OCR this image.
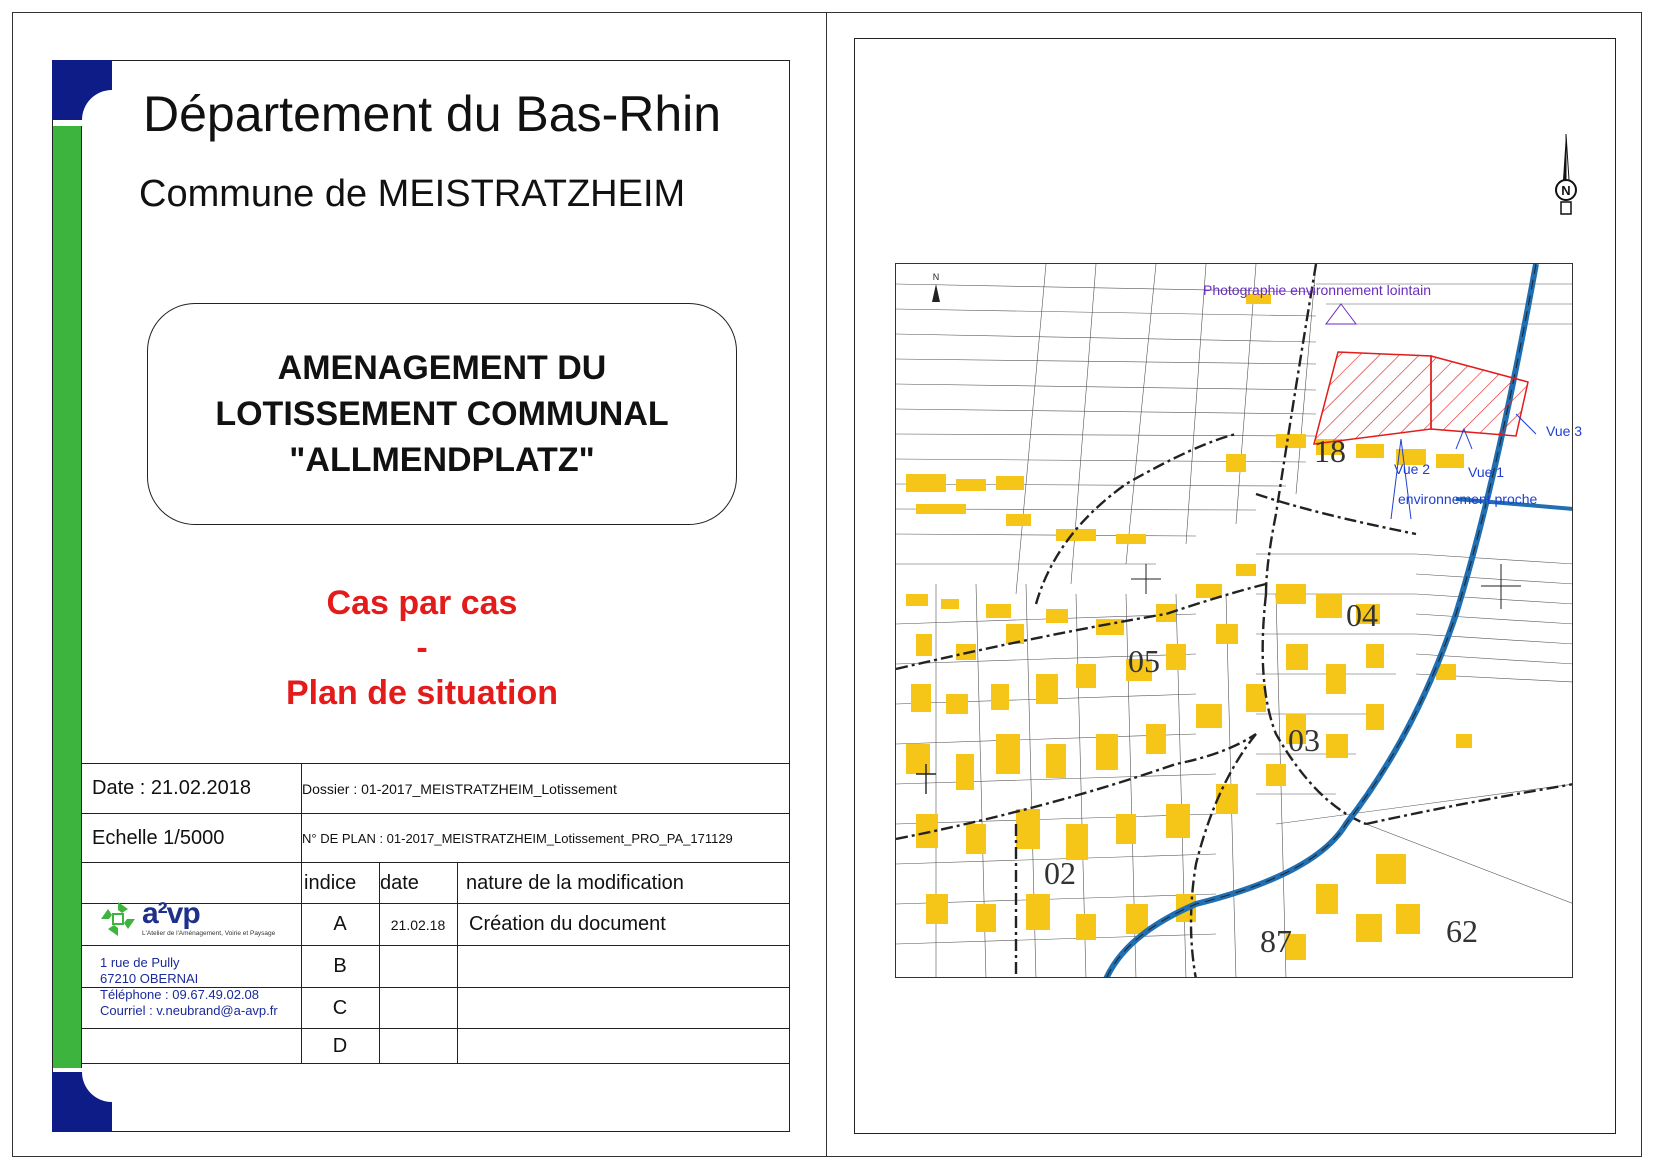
Département du Bas-Rhin
Commune de MEISTRATZHEIM
AMENAGEMENT DU
LOTISSEMENT COMMUNAL
"ALLMENDPLATZ"
Cas par cas
-
Plan de situation
Date : 21.02.2018	Dossier : 01-2017_MEISTRATZHEIM_Lotissement
Echelle 1/5000	N° DE PLAN : 01-2017_MEISTRATZHEIM_Lotissement_PRO_PA_171129
indice	date	nature de la modification
A	21.02.18	Création du document
B
C
D
a²vp
L'Atelier de l'Aménagement, Voirie et Paysage
1 rue de Pully
67210 OBERNAI
Téléphone : 09.67.49.02.08
Courriel : v.neubrand@a-avp.fr
N
N
18
04
05
03
02
87	62
Photographie environnement lointain
Vue 3
Vue 2	Vue 1
environnement proche
